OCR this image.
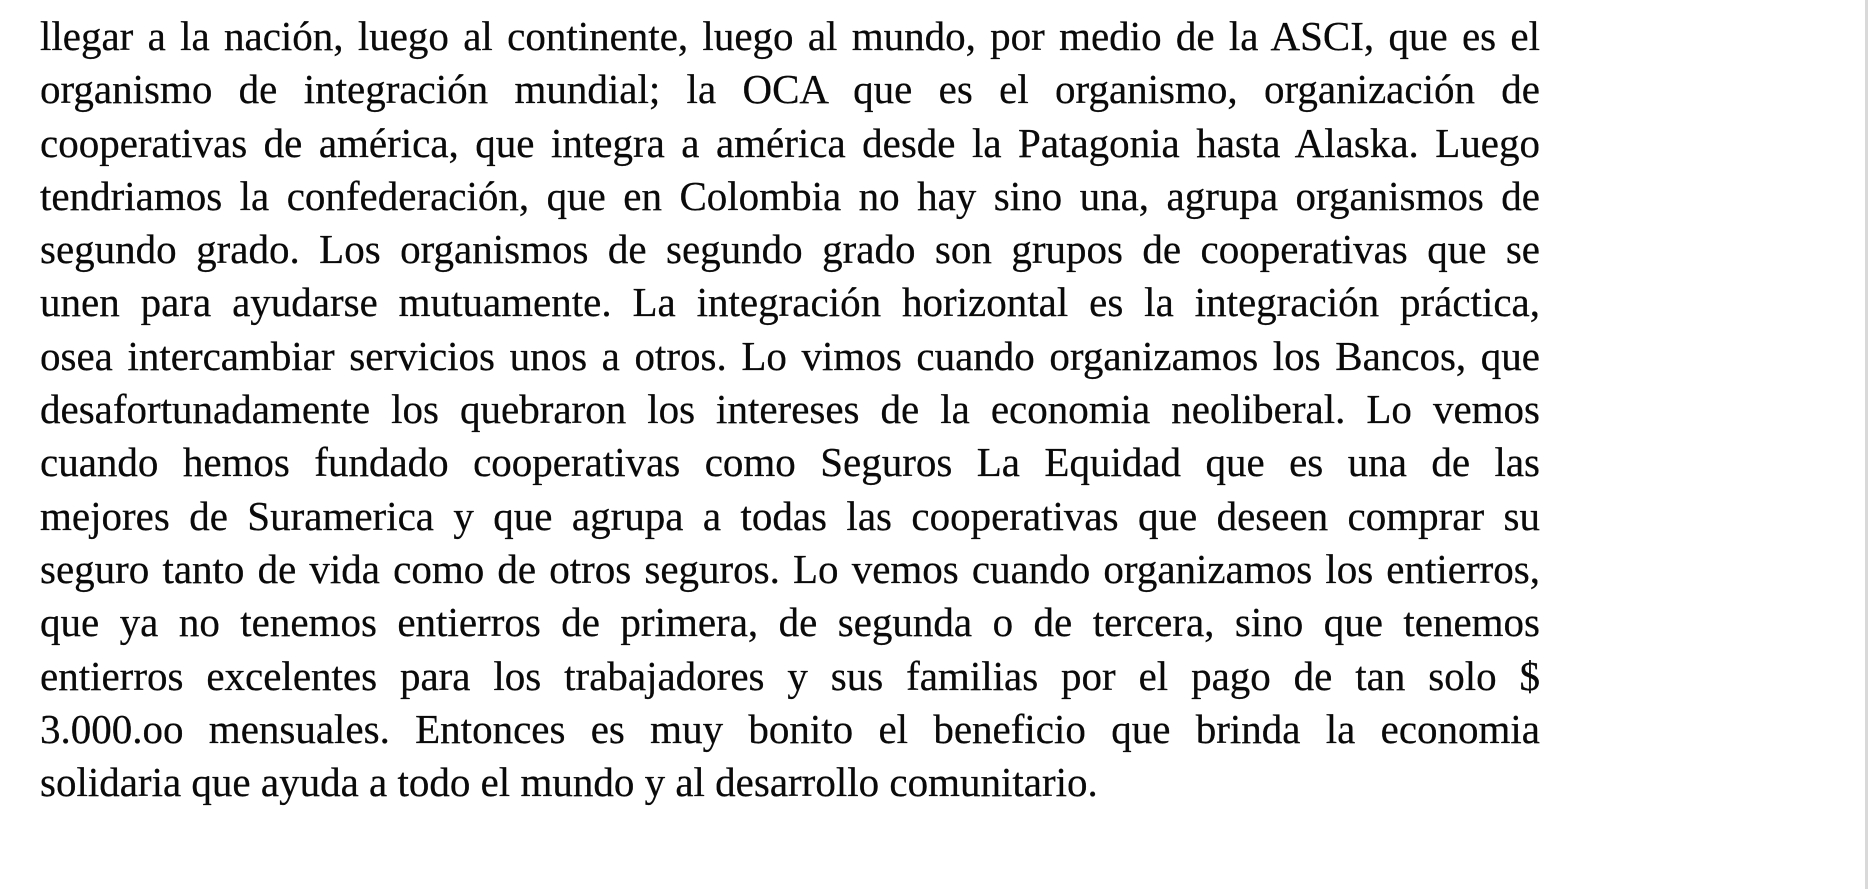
llegar a la nación, luego al continente, luego al mundo, por medio de la ASCI, que es el
organismo de integración mundial; la OCA que es el organismo, organización de
cooperativas de américa, que integra a américa desde la Patagonia hasta Alaska. Luego
tendriamos la confederación, que en Colombia no hay sino una, agrupa organismos de
segundo grado. Los organismos de segundo grado son grupos de cooperativas que se
unen para ayudarse mutuamente. La integración horizontal es la integración práctica,
osea intercambiar servicios unos a otros. Lo vimos cuando organizamos los Bancos, que
desafortunadamente los quebraron los intereses de la economia neoliberal. Lo vemos
cuando hemos fundado cooperativas como Seguros La Equidad que es una de las
mejores de Suramerica y que agrupa a todas las cooperativas que deseen comprar su
seguro tanto de vida como de otros seguros. Lo vemos cuando organizamos los entierros,
que ya no tenemos entierros de primera, de segunda o de tercera, sino que tenemos
entierros excelentes para los trabajadores y sus familias por el pago de tan solo $
3.000.oo mensuales. Entonces es muy bonito el beneficio que brinda la economia
solidaria que ayuda a todo el mundo y al desarrollo comunitario.
